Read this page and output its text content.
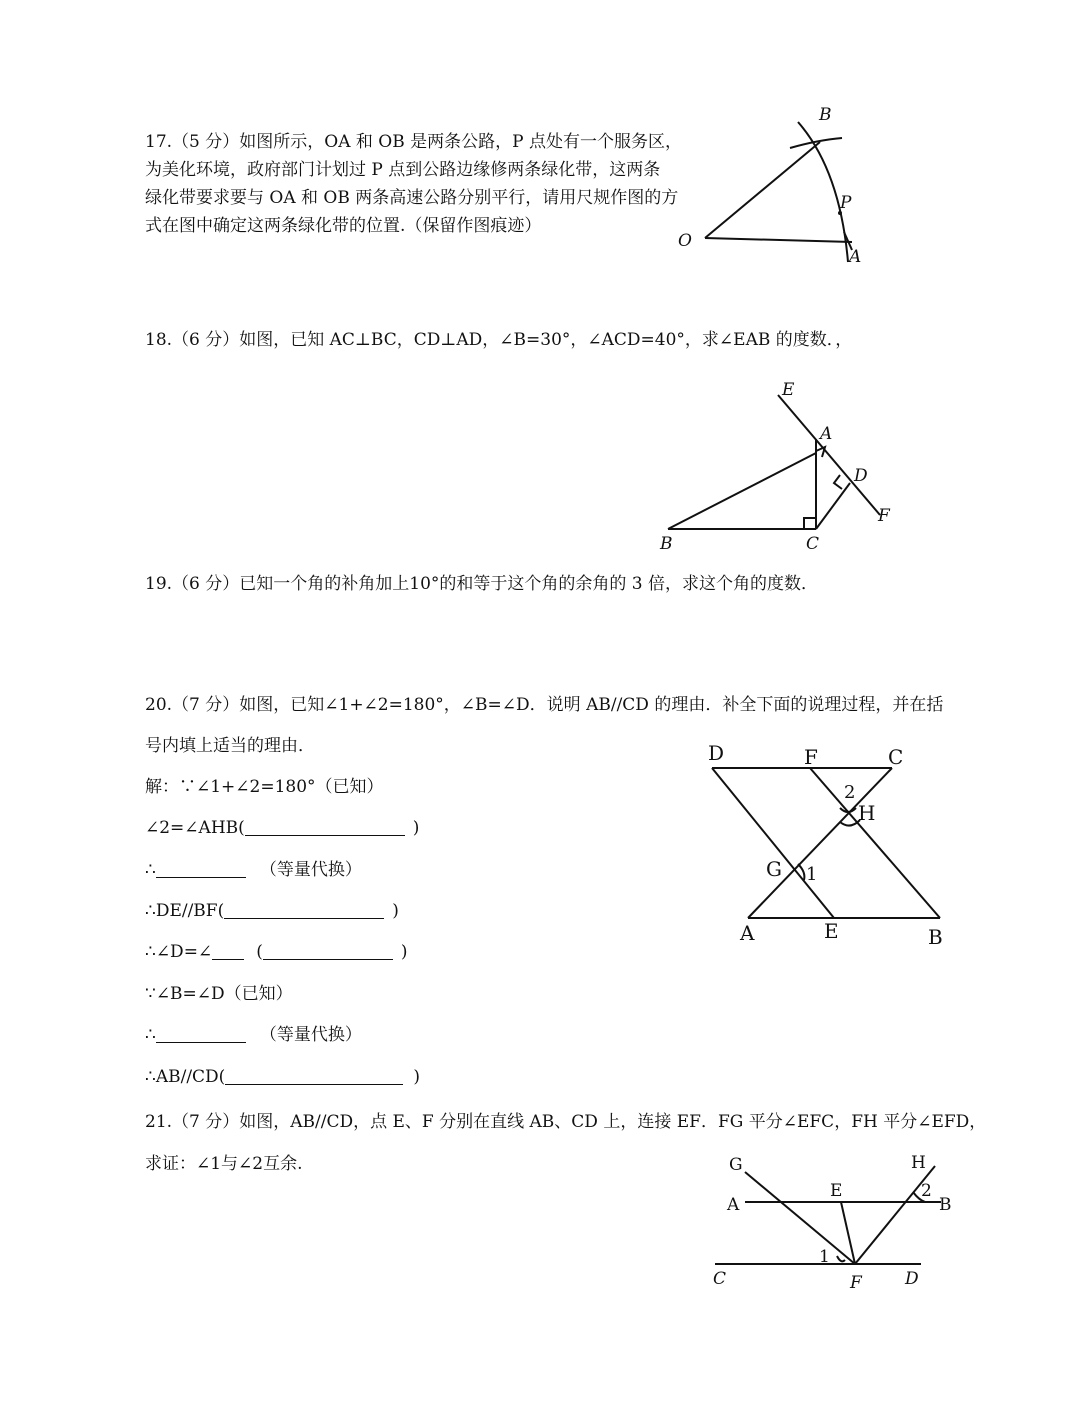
17.（5 分）如图所示，OA 和 OB 是两条公路，P 点处有一个服务区，
为美化环境，政府部门计划过 P 点到公路边缘修两条绿化带，这两条
绿化带要求要与 OA 和 OB 两条高速公路分别平行，请用尺规作图的方
式在图中确定这两条绿化带的位置.（保留作图痕迹）
B
P
O
A
18.（6 分）如图，已知 AC⊥BC，CD⊥AD，∠B=30°，∠ACD=40°，求∠EAB 的度数．，
E
A
D
F
B	C
19.（6 分）已知一个角的补角加上10°的和等于这个角的余角的 3 倍，求这个角的度数．
20.（7 分）如图，已知∠1+∠2=180°，∠B=∠D．说明 AB//CD 的理由．补全下面的说理过程，并在括
号内填上适当的理由．
解：∵∠1+∠2=180°（已知）
∠2=∠AHB(	)
∴	（等量代换）
∴DE//BF(	)
∴∠D=∠	(	)
∵∠B=∠D（已知）
∴	（等量代换）
∴AB//CD(	)
D	F	C
2
H
G 1
A	E	B
21.（7 分）如图，AB//CD，点 E、F 分别在直线 AB、CD 上，连接 EF．FG 平分∠EFC，FH 平分∠EFD，
求证：∠1与∠2互余.	G	H
E	2
A	B
1
C	F	D
